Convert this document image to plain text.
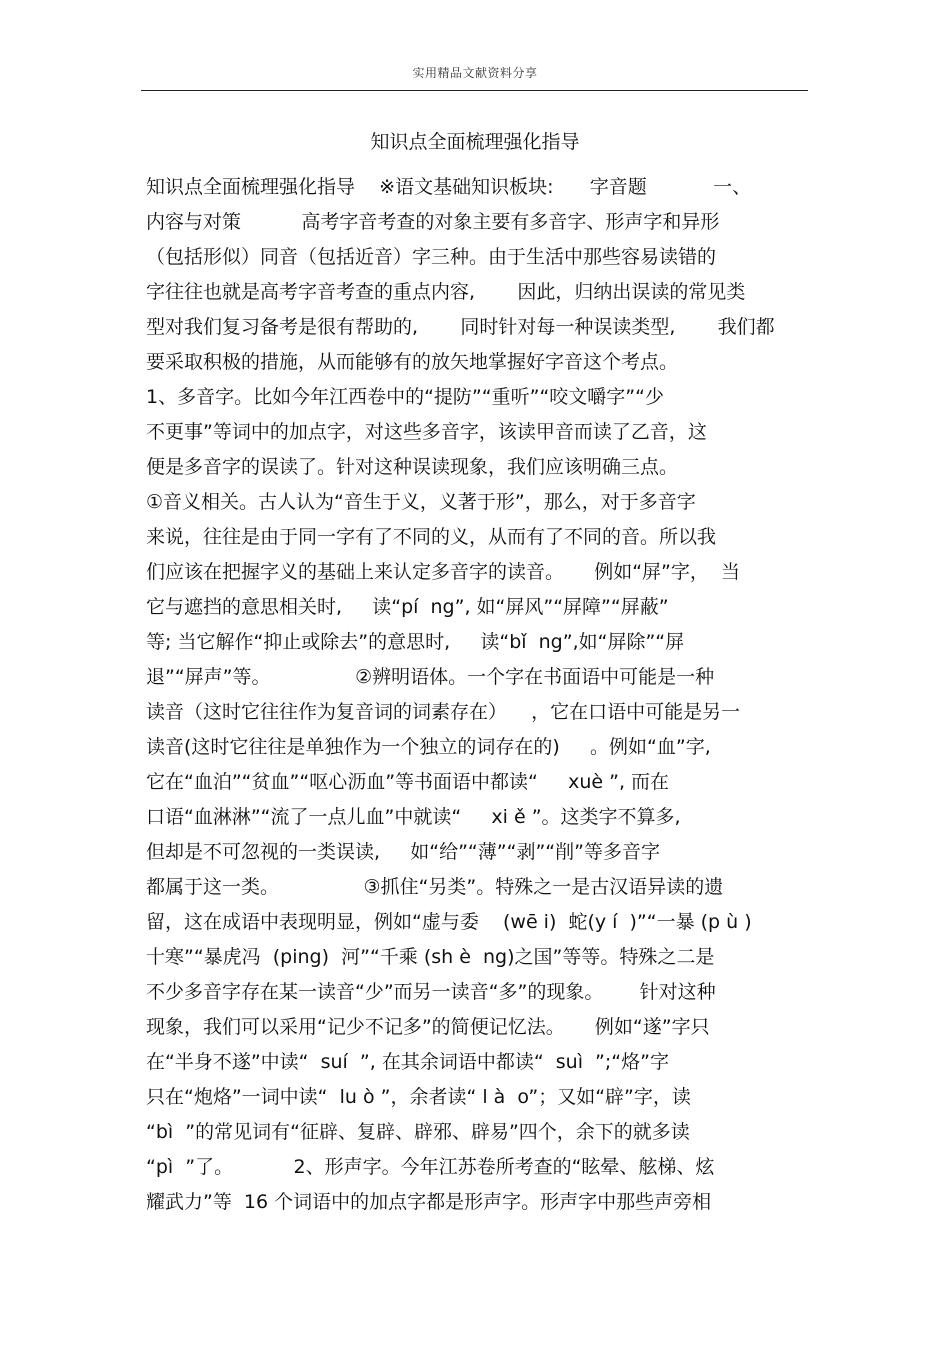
实用精品文献资料分享
知识点全面梳理强化指导
知识点全面梳理强化指导    ※语文基础知识板块:      字音题           一、
内容与对策          高考字音考查的对象主要有多音字、形声字和异形
（包括形似）同音（包括近音）字三种。由于生活中那些容易读错的
字往往也就是高考字音考查的重点内容,       因此，归纳出误读的常见类
型对我们复习备考是很有帮助的,       同时针对每一种误读类型,       我们都
要采取积极的措施，从而能够有的放矢地掌握好字音这个考点。
1、多音字。比如今年江西卷中的“提防”“重听”“咬文嚼字”“少
不更事”等词中的加点字，对这些多音字，该读甲音而读了乙音，这
便是多音字的误读了。针对这种误读现象，我们应该明确三点。
①音义相关。古人认为“音生于义，义著于形”，那么，对于多音字
来说，往往是由于同一字有了不同的义，从而有了不同的音。所以我
们应该在把握字义的基础上来认定多音字的读音。     例如“屏”字，  当
它与遮挡的意思相关时,     读“pí  ng”, 如“屏风”“屏障”“屏蔽”
等; 当它解作“抑止或除去”的意思时,     读“bǐ  ng”,如“屏除”“屏
退”“屏声”等。              ②辨明语体。一个字在书面语中可能是一种
读音（这时它往往作为复音词的词素存在）    ，它在口语中可能是另一
读音(这时它往往是单独作为一个独立的词存在的)     。例如“血”字,
它在“血泊”“贫血”“呕心沥血”等书面语中都读“     xuè ”, 而在
口语“血淋淋”“流了一点儿血”中就读“     xi ě ”。这类字不算多,
但却是不可忽视的一类误读,     如“给”“薄”“剥”“削”等多音字
都属于这一类。              ③抓住“另类”。特殊之一是古汉语异读的遗
留，这在成语中表现明显，例如“虚与委    (wē i)  蛇(y í  )”“一暴 (p ù )
十寒”“暴虎冯  (ping)  河”“千乘 (sh è  ng)之国”等等。特殊之二是
不少多音字存在某一读音“少”而另一读音“多”的现象。      针对这种
现象，我们可以采用“记少不记多”的简便记忆法。     例如“遂”字只
在“半身不遂”中读“  suí  ”, 在其余词语中都读“  suì  ”;“烙”字
只在“炮烙”一词中读“  lu ò ”，余者读“ l à  o”；又如“辟”字，读
“bì  ”的常见词有“征辟、复辟、辟邪、辟易”四个，余下的就多读
“pì  ”了。          2、形声字。今年江苏卷所考查的“眩晕、舷梯、炫
耀武力”等  16 个词语中的加点字都是形声字。形声字中那些声旁相
